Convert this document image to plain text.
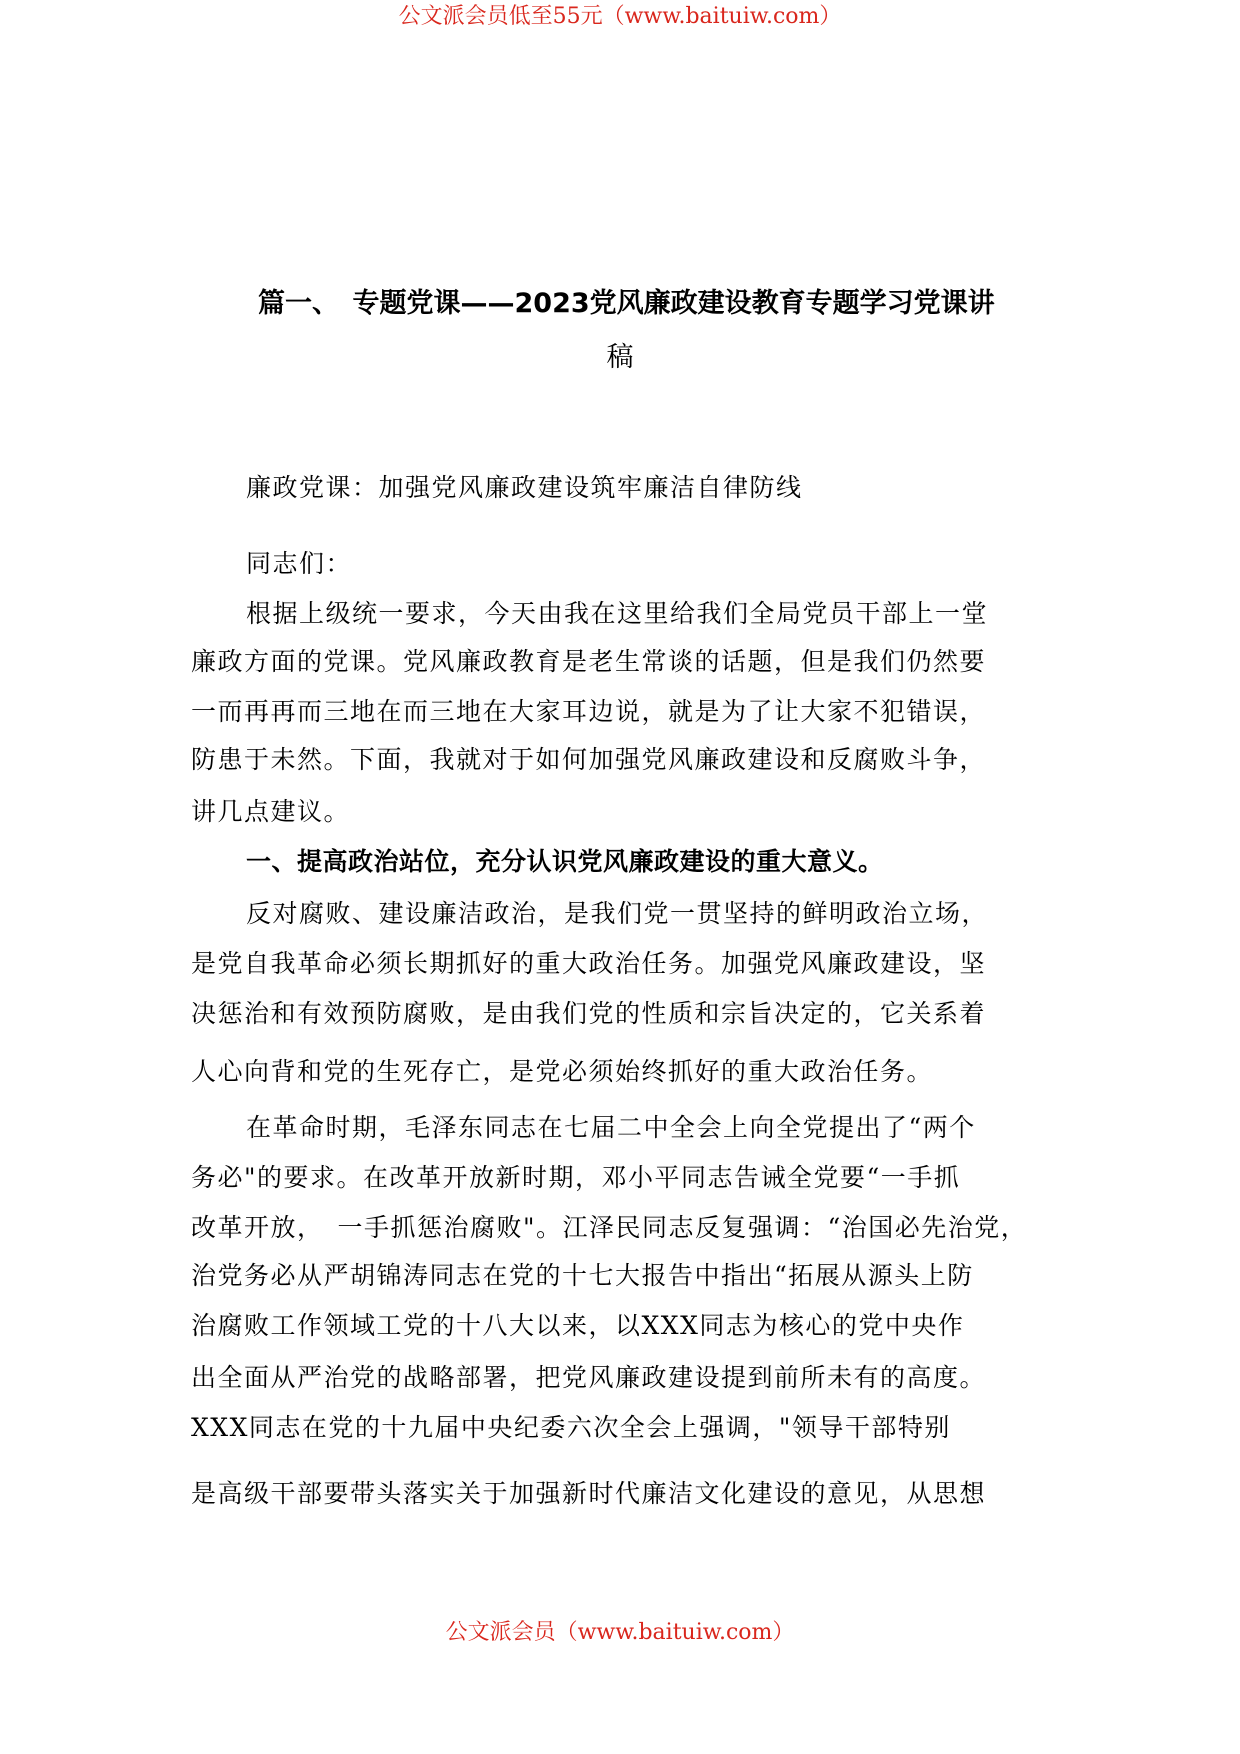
公文派会员低至55元（www.baituiw.com）
篇一、　专题党课——2023党风廉政建设教育专题学习党课讲
稿
廉政党课：加强党风廉政建设筑牢廉洁自律防线
同志们：
根据上级统一要求，今天由我在这里给我们全局党员干部上一堂
廉政方面的党课。党风廉政教育是老生常谈的话题，但是我们仍然要
一而再再而三地在而三地在大家耳边说，就是为了让大家不犯错误，
防患于未然。下面，我就对于如何加强党风廉政建设和反腐败斗争，
讲几点建议。
一、提高政治站位，充分认识党风廉政建设的重大意义。
反对腐败、建设廉洁政治，是我们党一贯坚持的鲜明政治立场，
是党自我革命必须长期抓好的重大政治任务。加强党风廉政建设，坚
决惩治和有效预防腐败，是由我们党的性质和宗旨决定的，它关系着
人心向背和党的生死存亡，是党必须始终抓好的重大政治任务。
在革命时期，毛泽东同志在七届二中全会上向全党提出了“两个
务必"的要求。在改革开放新时期，邓小平同志告诫全党要“一手抓
改革开放，　一手抓惩治腐败"。江泽民同志反复强调：“治国必先治党，
治党务必从严胡锦涛同志在党的十七大报告中指出“拓展从源头上防
治腐败工作领域工党的十八大以来，以XXX同志为核心的党中央作
出全面从严治党的战略部署，把党风廉政建设提到前所未有的高度。
XXX同志在党的十九届中央纪委六次全会上强调，"领导干部特别
是高级干部要带头落实关于加强新时代廉洁文化建设的意见，从思想
公文派会员（www.baituiw.com）
